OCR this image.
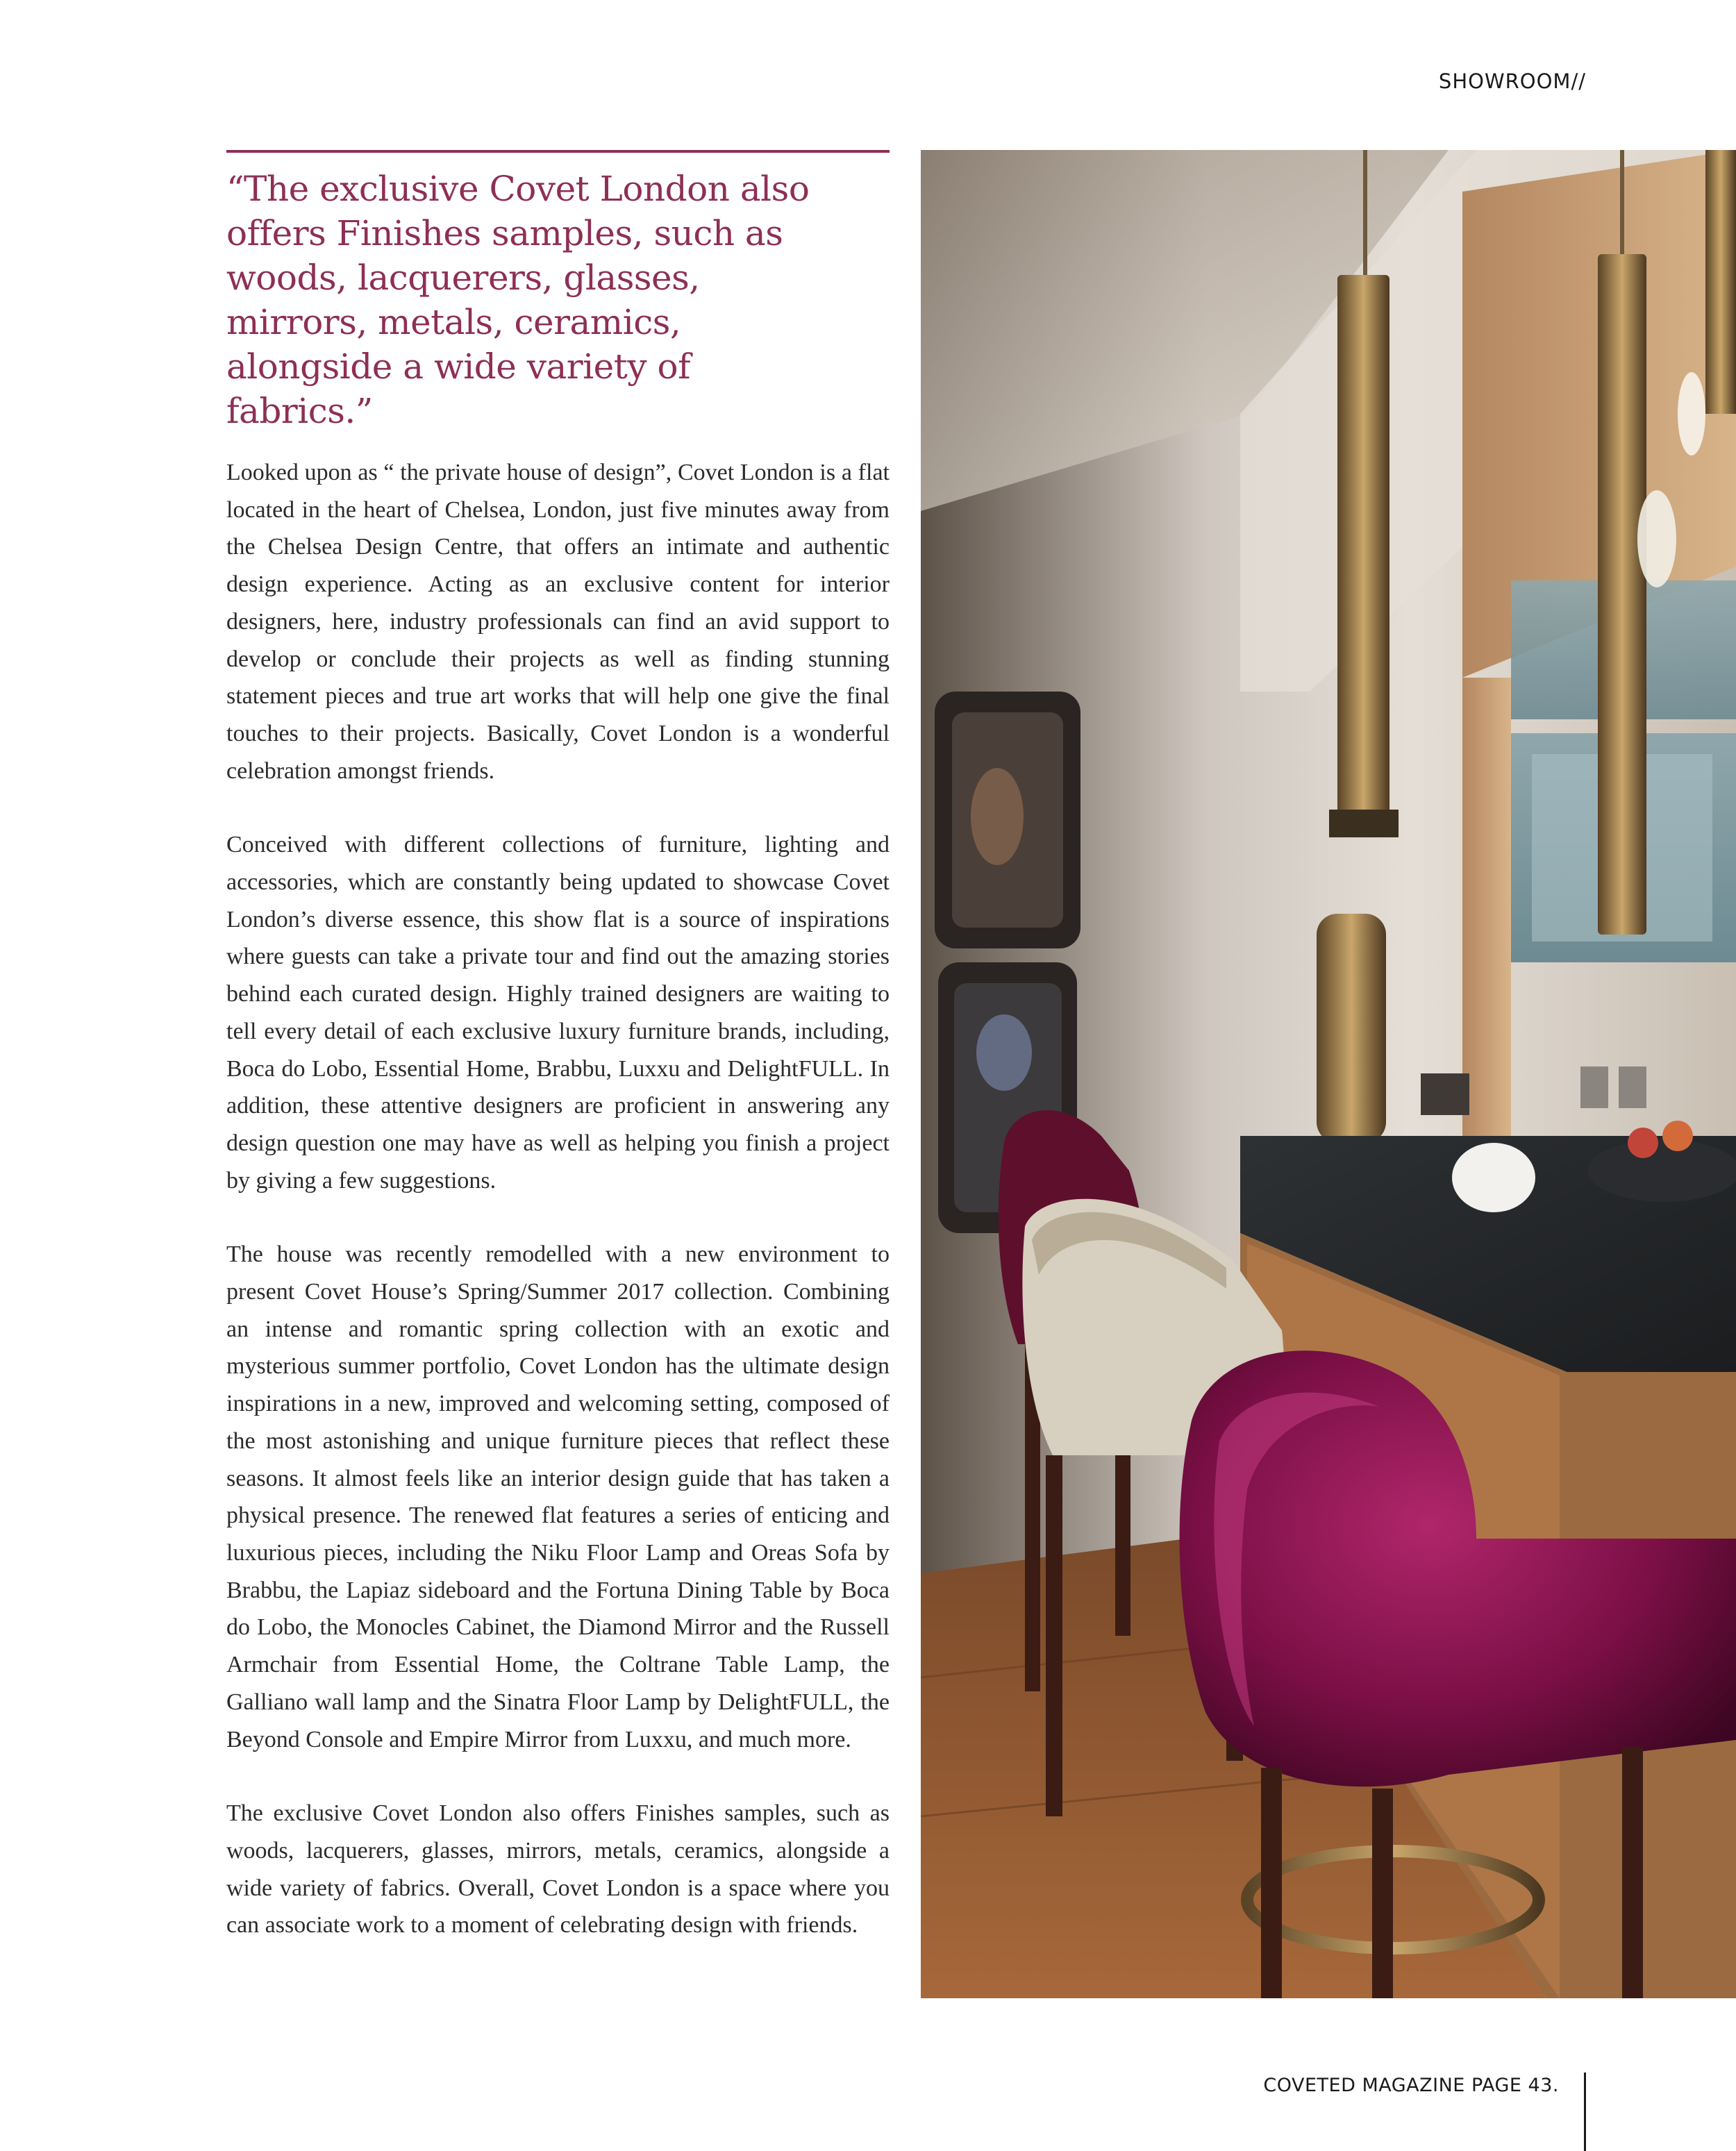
SHOWROOM//

“The exclusive Covet London also offers Finishes samples, such as woods, lacquerers, glasses, mirrors, metals, ceramics, alongside a wide variety of fabrics.”

Looked upon as “ the private house of design”, Covet London is a flat located in the heart of Chelsea, London, just five minutes away from the Chelsea Design Centre, that offers an intimate and authentic design experience. Acting as an exclusive content for interior designers, here, industry professionals can find an avid support to develop or conclude their projects as well as finding stunning statement pieces and true art works that will help one give the final touches to their projects. Basically, Covet London is a wonderful celebration amongst friends.

Conceived with different collections of furniture, lighting and accessories, which are constantly being updated to showcase Covet London’s diverse essence, this show flat is a source of inspirations where guests can take a private tour and find out the amazing stories behind each curated design. Highly trained designers are waiting to tell every detail of each exclusive luxury furniture brands, including, Boca do Lobo, Essential Home, Brabbu, Luxxu and DelightFULL. In addition, these attentive designers are proficient in answering any design question one may have as well as helping you finish a project by giving a few suggestions.

The house was recently remodelled with a new environment to present Covet House’s Spring/Summer 2017 collection. Combining an intense and romantic spring collection with an exotic and mysterious summer portfolio, Covet London has the ultimate design inspirations in a new, improved and welcoming setting, composed of the most astonishing and unique furniture pieces that reflect these seasons. It almost feels like an interior design guide that has taken a physical presence. The renewed flat features a series of enticing and luxurious pieces, including the Niku Floor Lamp and Oreas Sofa by Brabbu, the Lapiaz sideboard and the Fortuna Dining Table by Boca do Lobo, the Monocles Cabinet, the Diamond Mirror and the Russell Armchair from Essential Home, the Coltrane Table Lamp, the Galliano wall lamp and the Sinatra Floor Lamp by DelightFULL, the Beyond Console and Empire Mirror from Luxxu, and much more.

The exclusive Covet London also offers Finishes samples, such as woods, lacquerers, glasses, mirrors, metals, ceramics, alongside a wide variety of fabrics. Overall, Covet London is a space where you can associate work to a moment of celebrating design with friends.

COVETED MAGAZINE PAGE 43.
